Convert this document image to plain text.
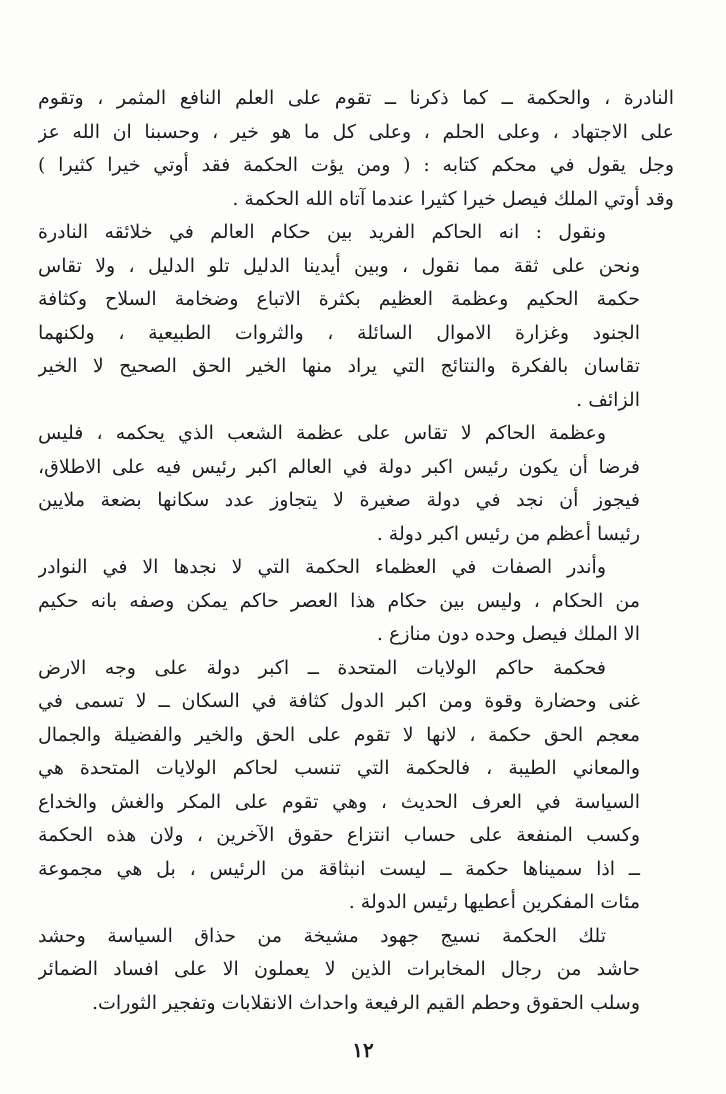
النادرة ، والحكمة ــ كما ذكرنا ــ تقوم على العلم النافع المثمر ، وتقوم
على الاجتهاد ، وعلى الحلم ، وعلى كل ما هو خير ، وحسبنا ان الله عز
وجل يقول في محكم كتابه : ( ومن يؤت الحكمة فقد أوتي خيرا كثيرا )
وقد أوتي الملك فيصل خيرا كثيرا عندما آتاه الله الحكمة .
ونقول : انه الحاكم الفريد بين حكام العالم في خلائقه النادرة
ونحن على ثقة مما نقول ، وبين أيدينا الدليل تلو الدليل ، ولا تقاس
حكمة الحكيم وعظمة العظيم بكثرة الاتباع وضخامة السلاح وكثافة
الجنود وغزارة الاموال السائلة ، والثروات الطبيعية ، ولكنهما
تقاسان بالفكرة والنتائج التي يراد منها الخير الحق الصحيح لا الخير
الزائف .
وعظمة الحاكم لا تقاس على عظمة الشعب الذي يحكمه ، فليس
فرضا أن يكون رئيس اكبر دولة في العالم اكبر رئيس فيه على الاطلاق،
فيجوز أن نجد في دولة صغيرة لا يتجاوز عدد سكانها بضعة ملايين
رئيسا أعظم من رئيس اكبر دولة .
وأندر الصفات في العظماء الحكمة التي لا نجدها الا في النوادر
من الحكام ، وليس بين حكام هذا العصر حاكم يمكن وصفه بانه حكيم
الا الملك فيصل وحده دون منازع .
فحكمة حاكم الولايات المتحدة ــ اكبر دولة على وجه الارض
غنى وحضارة وقوة ومن اكبر الدول كثافة في السكان ــ لا تسمى في
معجم الحق حكمة ، لانها لا تقوم على الحق والخير والفضيلة والجمال
والمعاني الطيبة ، فالحكمة التي تنسب لحاكم الولايات المتحدة هي
السياسة في العرف الحديث ، وهي تقوم على المكر والغش والخداع
وكسب المنفعة على حساب انتزاع حقوق الآخرين ، ولان هذه الحكمة
ــ اذا سميناها حكمة ــ ليست انبثاقة من الرئيس ، بل هي مجموعة
مئات المفكرين أعطيها رئيس الدولة .
تلك الحكمة نسيج جهود مشيخة من حذاق السياسة وحشد
حاشد من رجال المخابرات الذين لا يعملون الا على افساد الضمائر
وسلب الحقوق وحطم القيم الرفيعة واحداث الانقلابات وتفجير الثورات.
١٢
